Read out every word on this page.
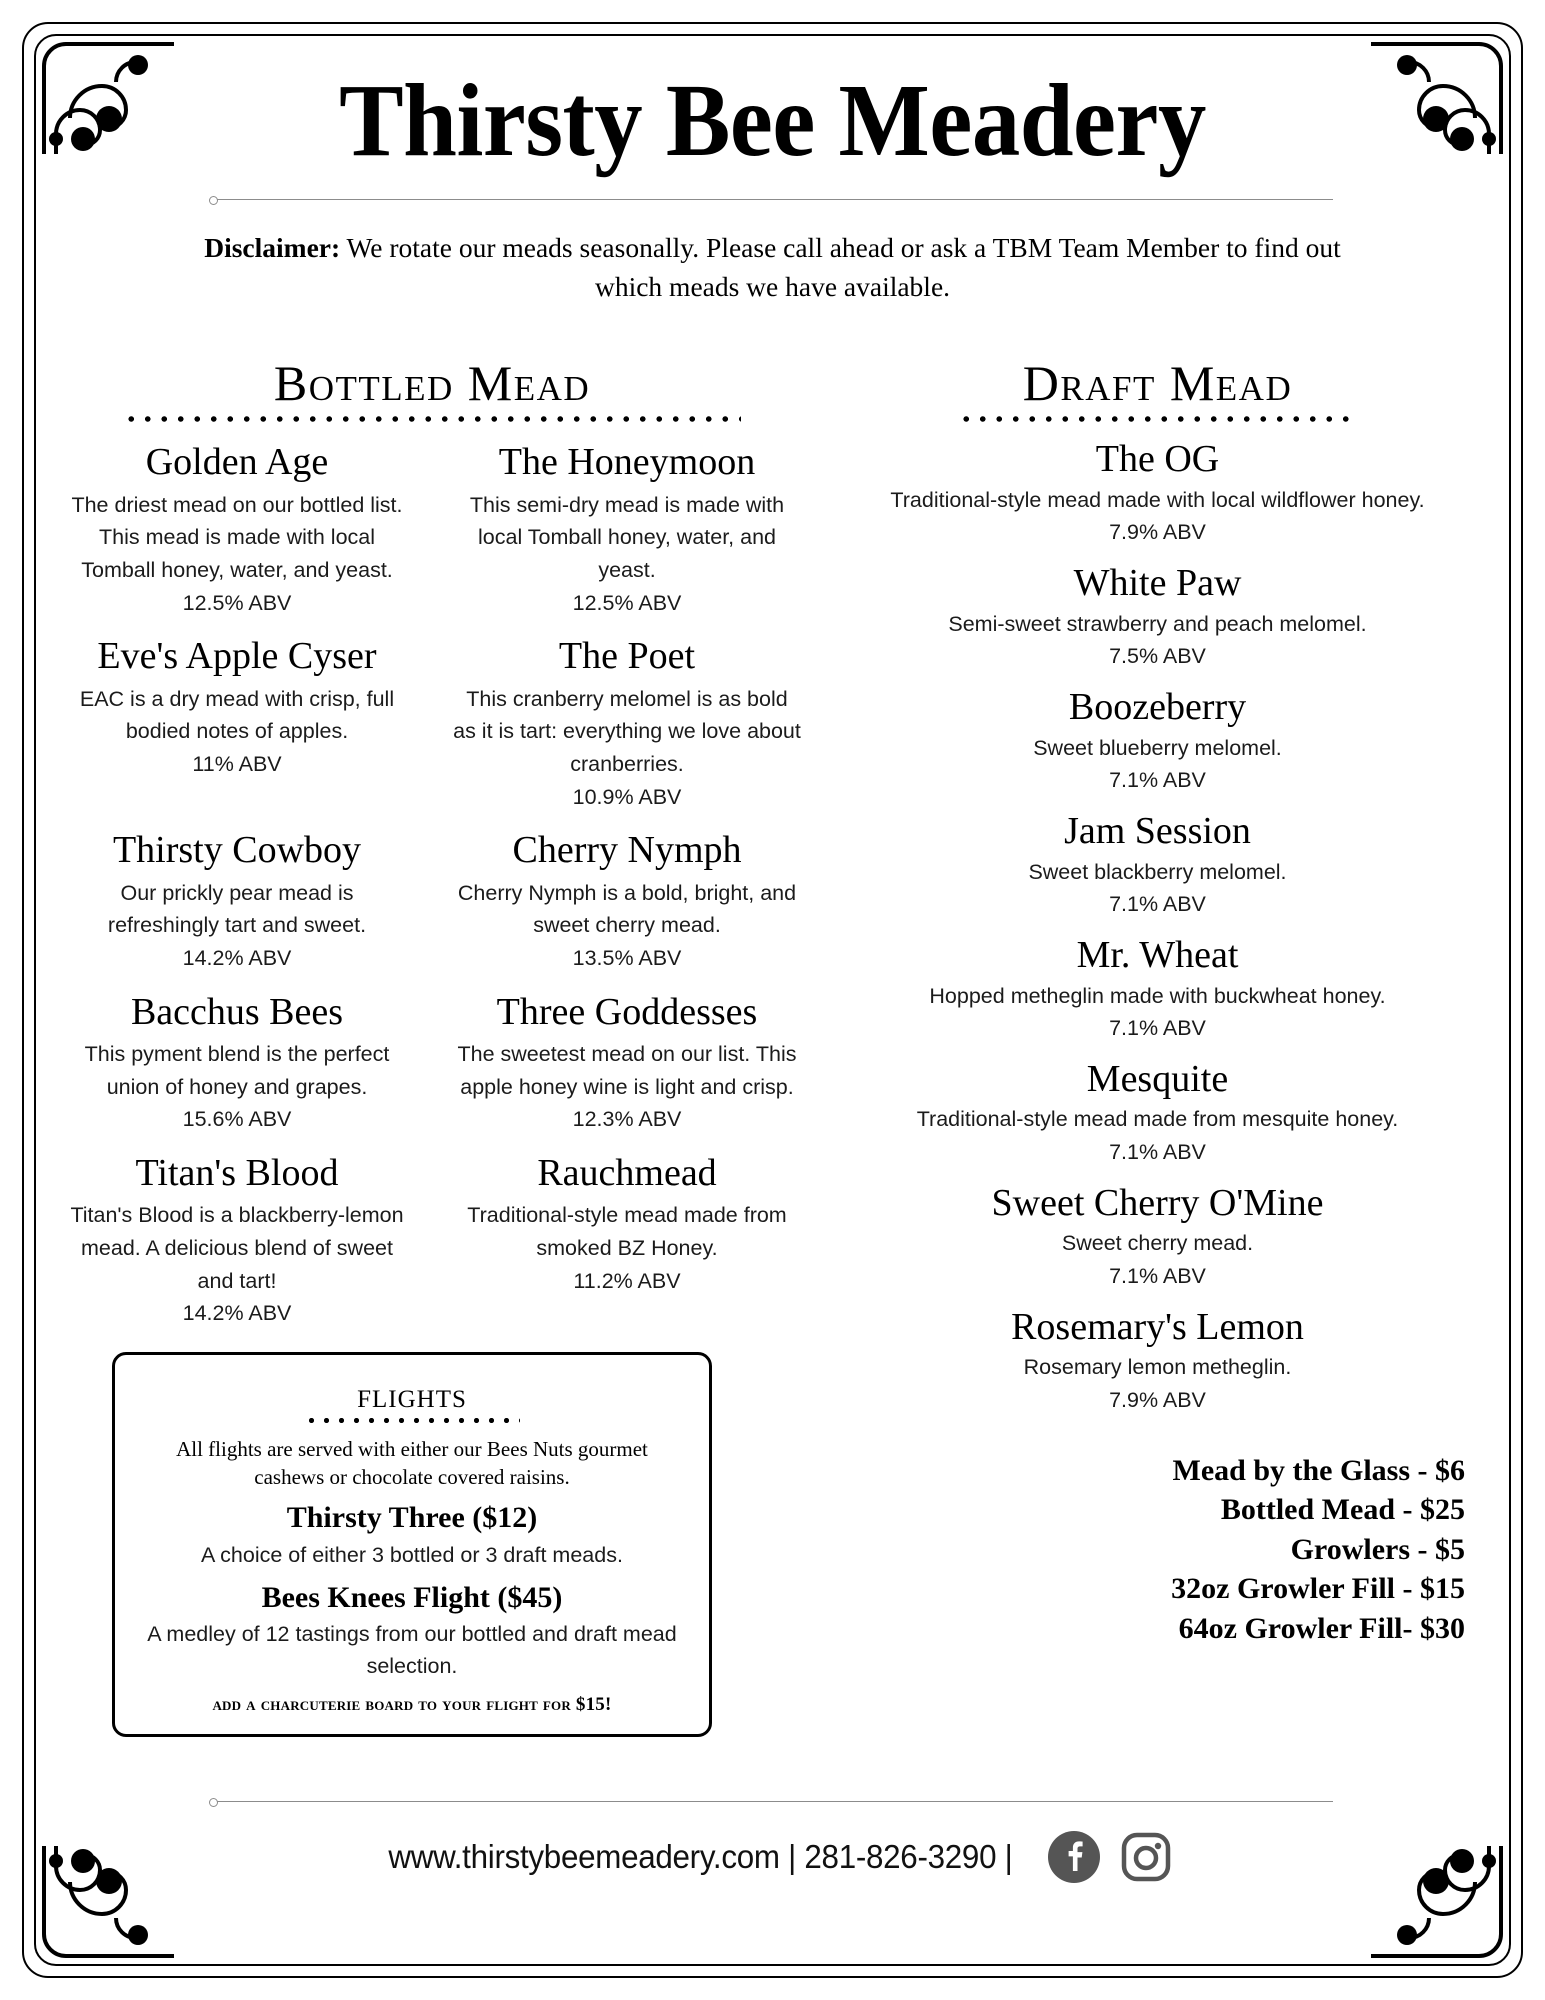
Thirsty Bee Meadery
Disclaimer: We rotate our meads seasonally. Please call ahead or ask a TBM Team Member to find out which meads we have available.
Bottled Mead
Golden Age
The driest mead on our bottled list. This mead is made with local Tomball honey, water, and yeast.
12.5% ABV
The Honeymoon
This semi-dry mead is made with local Tomball honey, water, and yeast.
12.5% ABV
Eve's Apple Cyser
EAC is a dry mead with crisp, full bodied notes of apples.
11% ABV
The Poet
This cranberry melomel is as bold as it is tart: everything we love about cranberries.
10.9% ABV
Thirsty Cowboy
Our prickly pear mead is refreshingly tart and sweet.
14.2% ABV
Cherry Nymph
Cherry Nymph is a bold, bright, and sweet cherry mead.
13.5% ABV
Bacchus Bees
This pyment blend is the perfect union of honey and grapes.
15.6% ABV
Three Goddesses
The sweetest mead on our list. This apple honey wine is light and crisp.
12.3% ABV
Titan's Blood
Titan's Blood is a blackberry-lemon mead. A delicious blend of sweet and tart!
14.2% ABV
Rauchmead
Traditional-style mead made from smoked BZ Honey.
11.2% ABV
flights
All flights are served with either our Bees Nuts gourmet cashews or chocolate covered raisins.
Thirsty Three ($12)
A choice of either 3 bottled or 3 draft meads.
Bees Knees Flight ($45)
A medley of 12 tastings from our bottled and draft mead selection.
add a charcuterie board to your flight for $15!
Draft Mead
The OG
Traditional-style mead made with local wildflower honey.
7.9% ABV
White Paw
Semi-sweet strawberry and peach melomel.
7.5% ABV
Boozeberry
Sweet blueberry melomel.
7.1% ABV
Jam Session
Sweet blackberry melomel.
7.1% ABV
Mr. Wheat
Hopped metheglin made with buckwheat honey.
7.1% ABV
Mesquite
Traditional-style mead made from mesquite honey.
7.1% ABV
Sweet Cherry O'Mine
Sweet cherry mead.
7.1% ABV
Rosemary's Lemon
Rosemary lemon metheglin.
7.9% ABV
Mead by the Glass - $6
Bottled Mead - $25
Growlers - $5
32oz Growler Fill - $15
64oz Growler Fill- $30
www.thirstybeemeadery.com | 281-826-3290 |
